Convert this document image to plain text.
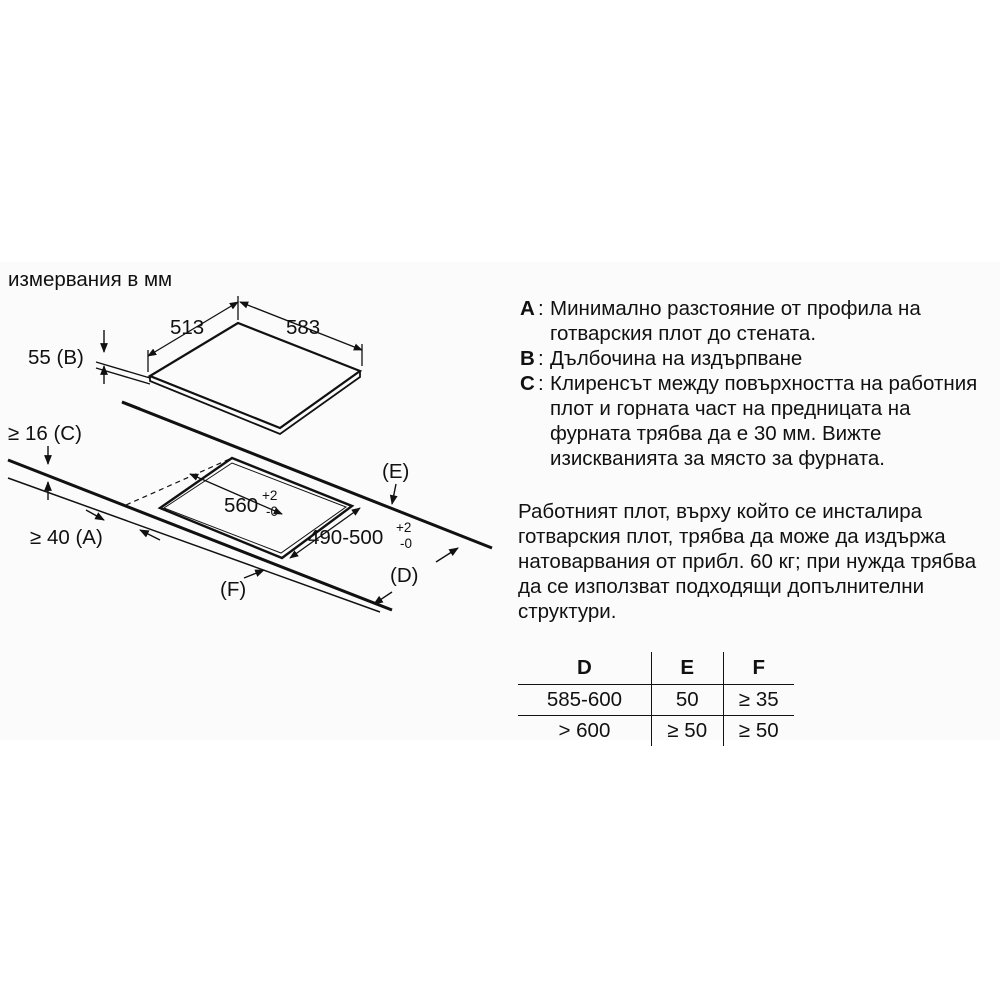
измервания в мм
513	583
55 (B)
560 +2
-0
490-500 +2
-0
≥ 16 (C)
≥ 40 (A)
(E)
(D)
(F)
A : Минимално разстояние от профила на готварския плот до стената.
B : Дълбочина на издърпване
C : Клиренсът между повърхността на работния плот и горната част на предницата на фурната трябва да е 30 мм. Вижте изискванията за място за фурната.
Работният плот, върху който се инсталира готварския плот, трябва да може да издържа натоварвания от прибл. 60 кг; при нужда трябва да се използват подходящи допълнителни структури.
D	E	F
585-600	50	≥ 35
> 600	≥ 50	≥ 50
